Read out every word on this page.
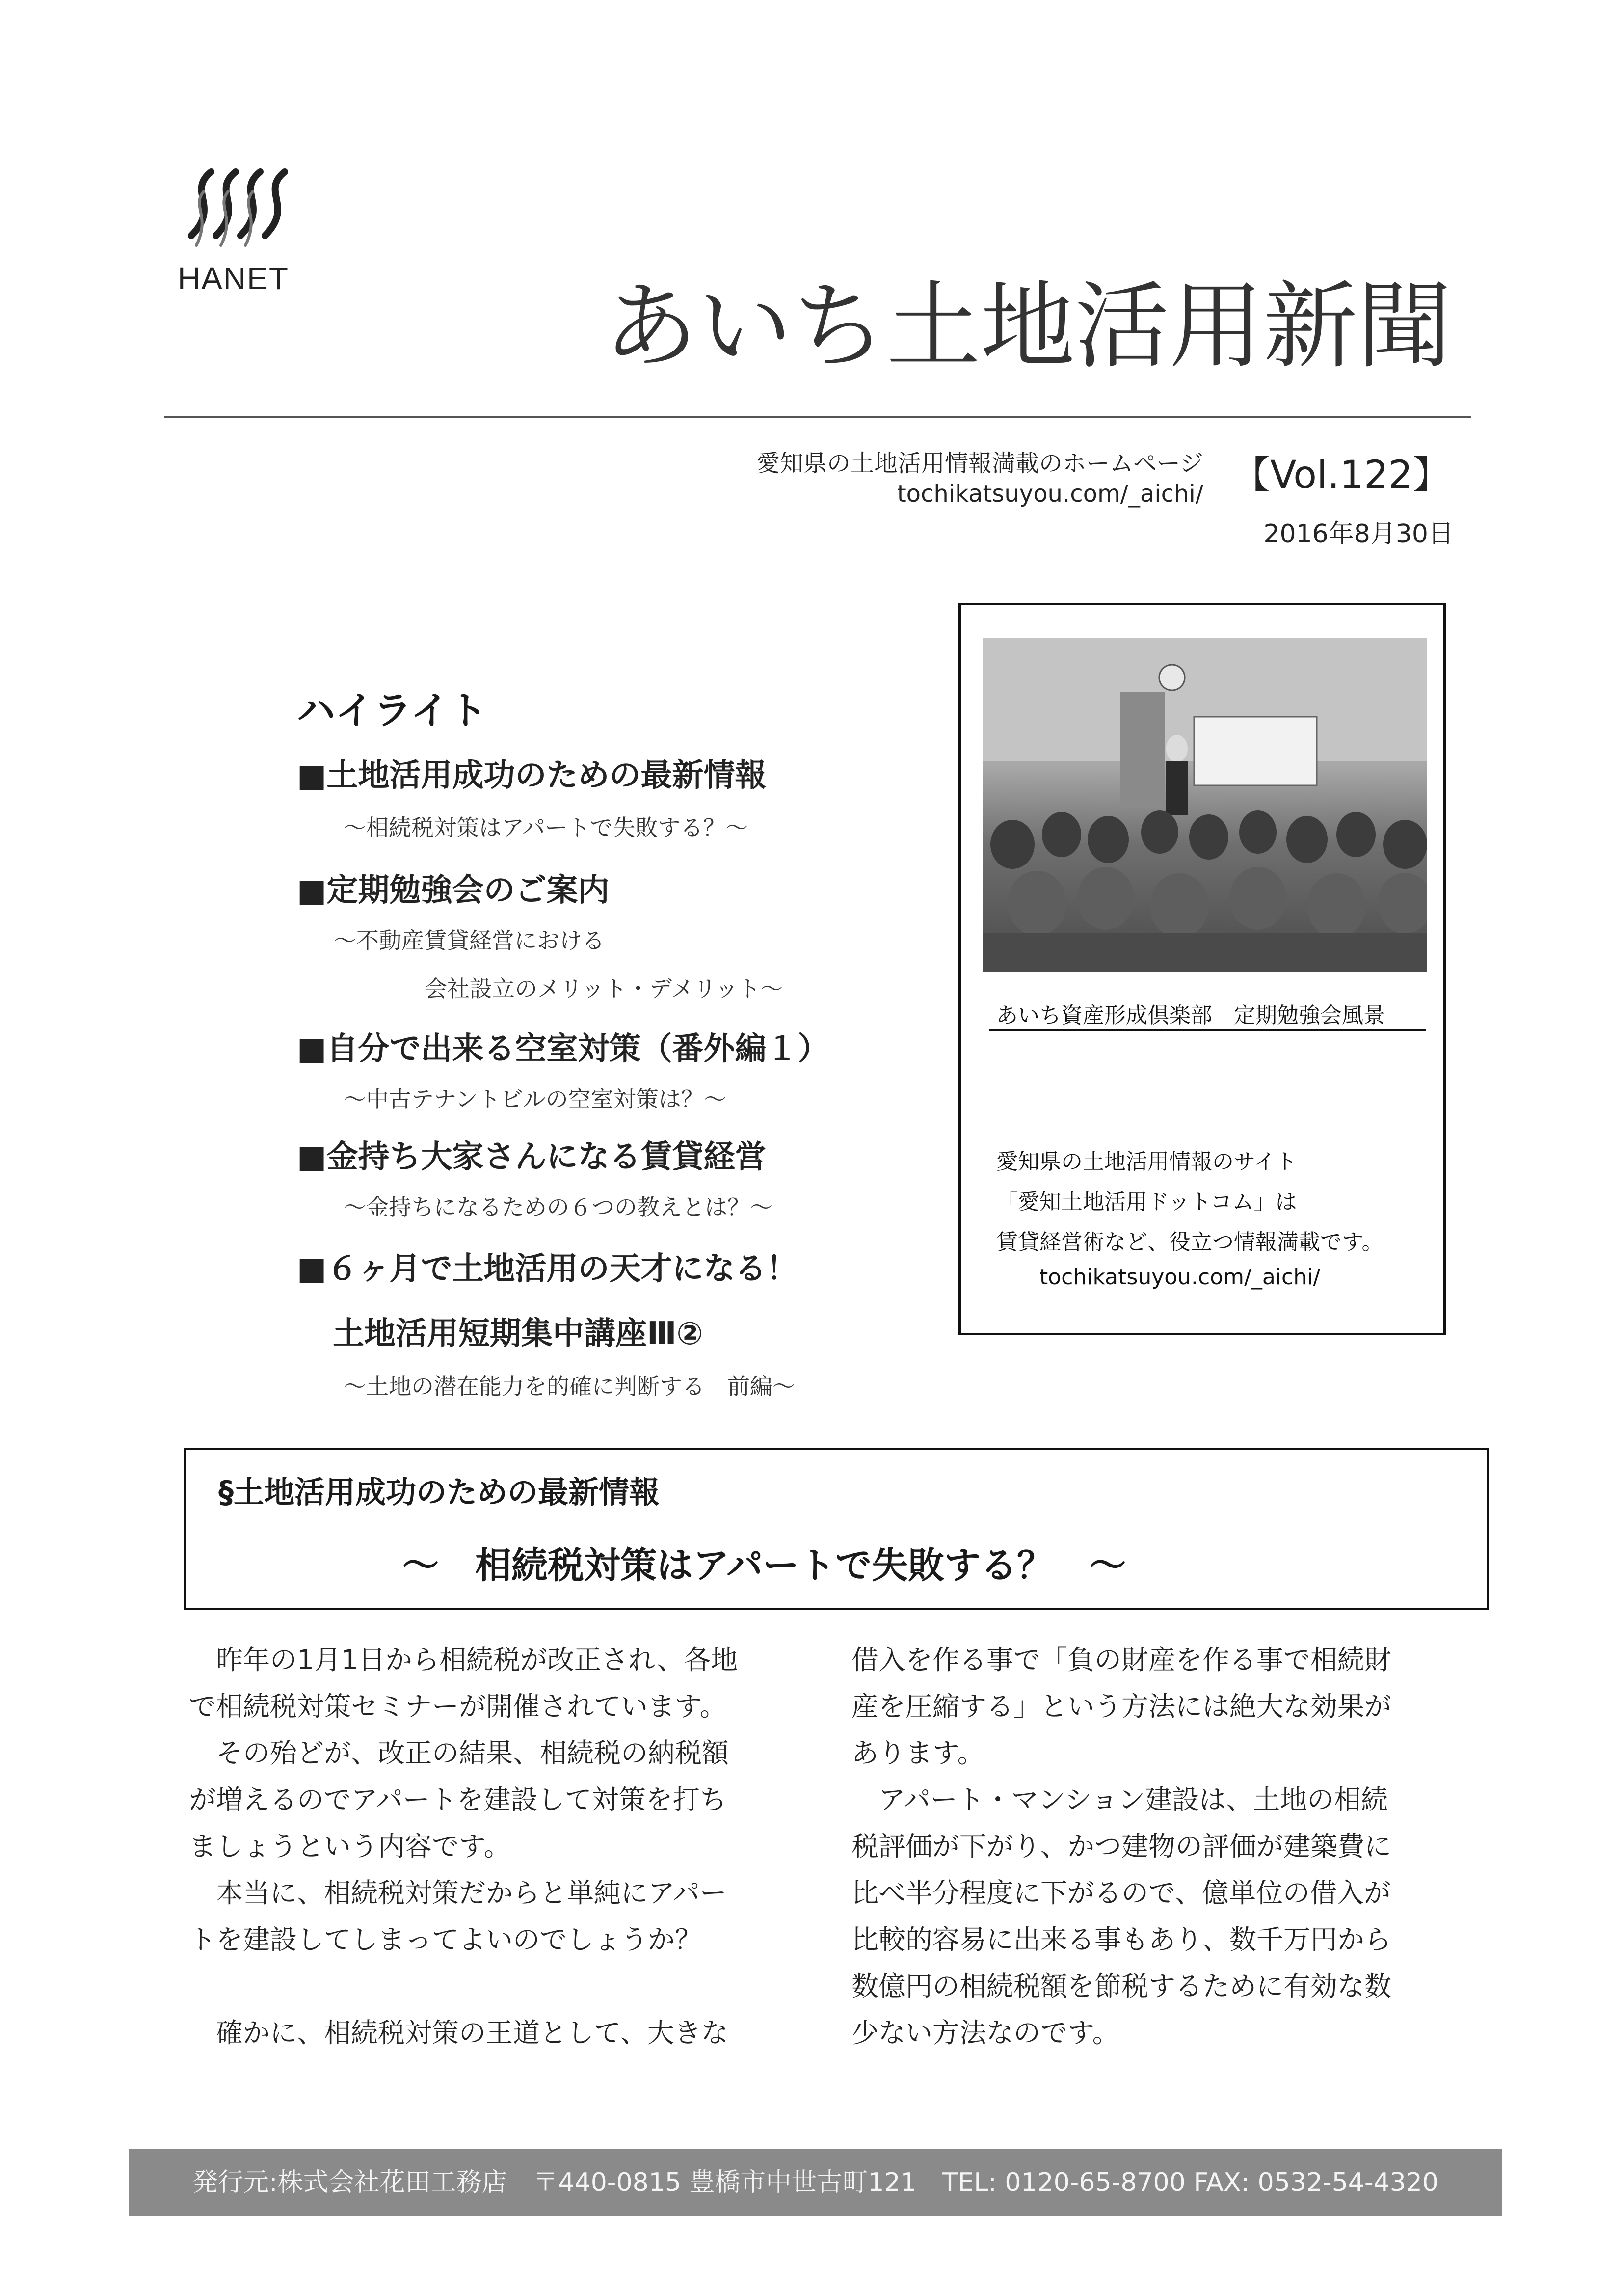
HANET	あいち土地活用新聞
愛知県の土地活用情報満載のホームページ
tochikatsuyou.com/_aichi/ 【Vol.122】
2016年8月30日
ハイライト
■土地活用成功のための最新情報
～相続税対策はアパートで失敗する？～
■定期勉強会のご案内
～不動産賃貸経営における
会社設立のメリット・デメリット～
■自分で出来る空室対策（番外編１）
～中古テナントビルの空室対策は？～
■金持ち大家さんになる賃貸経営
～金持ちになるための６つの教えとは？～
■６ヶ月で土地活用の天才になる！
土地活用短期集中講座Ⅲ②
～土地の潜在能力を的確に判断する　前編～
あいち資産形成倶楽部　定期勉強会風景
愛知県の土地活用情報のサイト
「愛知土地活用ドットコム」は
賃貸経営術など、役立つ情報満載です。
tochikatsuyou.com/_aichi/
§土地活用成功のための最新情報
～　相続税対策はアパートで失敗する？　～
　昨年の1月1日から相続税が改正され、各地
で相続税対策セミナーが開催されています。
　その殆どが、改正の結果、相続税の納税額
が増えるのでアパートを建設して対策を打ち
ましょうという内容です。
　本当に、相続税対策だからと単純にアパー
トを建設してしまってよいのでしょうか？
　確かに、相続税対策の王道として、大きな
借入を作る事で「負の財産を作る事で相続財
産を圧縮する」という方法には絶大な効果が
あります。
　アパート・マンション建設は、土地の相続
税評価が下がり、かつ建物の評価が建築費に
比べ半分程度に下がるので、億単位の借入が
比較的容易に出来る事もあり、数千万円から
数億円の相続税額を節税するために有効な数
少ない方法なのです。
発行元:株式会社花田工務店　〒440-0815 豊橋市中世古町121　TEL: 0120-65-8700 FAX: 0532-54-4320
